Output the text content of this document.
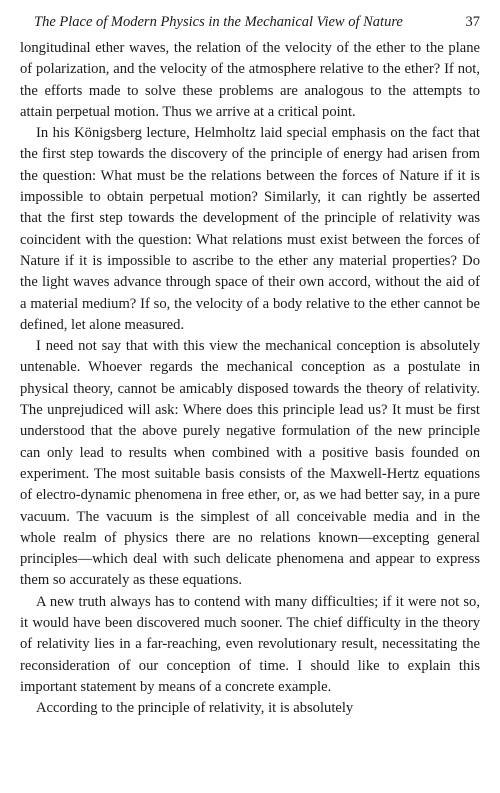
The Place of Modern Physics in the Mechanical View of Nature	37

longitudinal ether waves, the relation of the velocity of the ether to the plane of polarization, and the velocity of the atmosphere relative to the ether? If not, the efforts made to solve these problems are analogous to the attempts to attain perpetual motion. Thus we arrive at a critical point.

In his Königsberg lecture, Helmholtz laid special emphasis on the fact that the first step towards the discovery of the principle of energy had arisen from the question: What must be the relations between the forces of Nature if it is impossible to obtain perpetual motion? Similarly, it can rightly be asserted that the first step towards the development of the principle of relativity was coincident with the question: What relations must exist between the forces of Nature if it is impossible to ascribe to the ether any material properties? Do the light waves advance through space of their own accord, without the aid of a material medium? If so, the velocity of a body relative to the ether cannot be defined, let alone measured.

I need not say that with this view the mechanical conception is absolutely untenable. Whoever regards the mechanical conception as a postulate in physical theory, cannot be amicably disposed towards the theory of relativity. The unprejudiced will ask: Where does this principle lead us? It must be first understood that the above purely negative formulation of the new principle can only lead to results when combined with a positive basis founded on experiment. The most suitable basis consists of the Maxwell-Hertz equations of electro-dynamic phenomena in free ether, or, as we had better say, in a pure vacuum. The vacuum is the simplest of all conceivable media and in the whole realm of physics there are no relations known—excepting general principles—which deal with such delicate phenomena and appear to express them so accurately as these equations.

A new truth always has to contend with many difficulties; if it were not so, it would have been discovered much sooner. The chief difficulty in the theory of relativity lies in a far-reaching, even revolutionary result, necessitating the reconsideration of our conception of time. I should like to explain this important statement by means of a concrete example.

According to the principle of relativity, it is absolutely
